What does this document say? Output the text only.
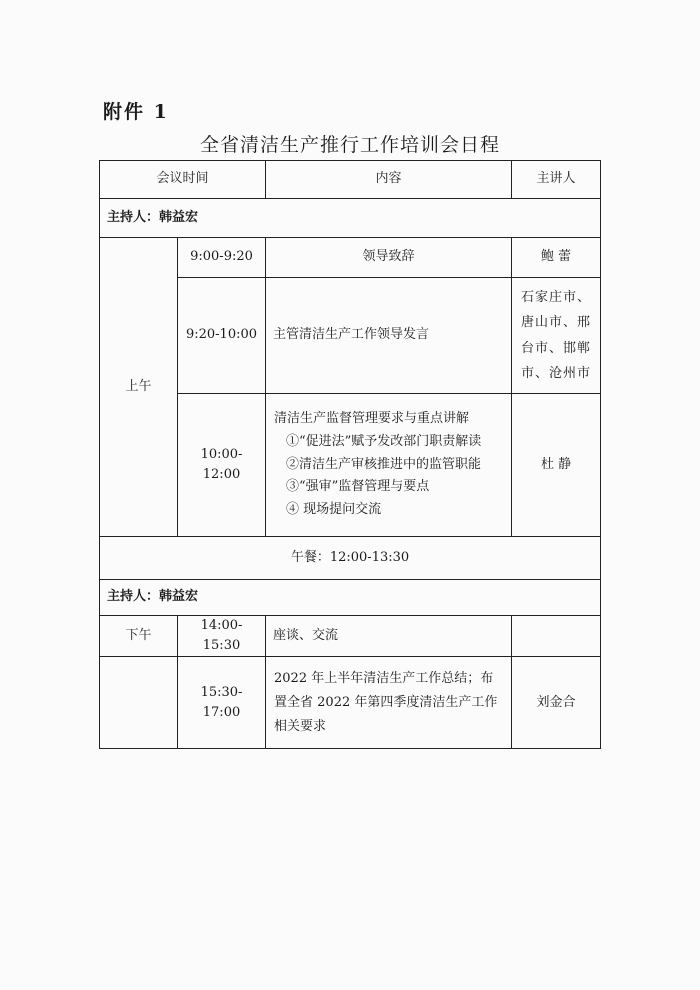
附件 1
全省清洁生产推行工作培训会日程
会议时间		内容	主讲人
主持人：韩益宏			
上午	9:00-9:20	领导致辞	鲍 蕾
	9:20-10:00	主管清洁生产工作领导发言	石家庄市、
唐山市、邢
台市、邯郸
市、沧州市

	10:00-12:00	清洁生产监督管理要求与重点讲解
①“促进法”赋予发改部门职责解读
②清洁生产审核推进中的监管职能
③“强审”监督管理与要点
④ 现场提问交流	杜 静
午餐：12:00-13:30			
主持人：韩益宏			
下午	14:00-15:30	座谈、交流	
	15:30-17:00	2022 年上半年清洁生产工作总结；布
置全省 2022 年第四季度清洁生产工作
相关要求	刘金合
